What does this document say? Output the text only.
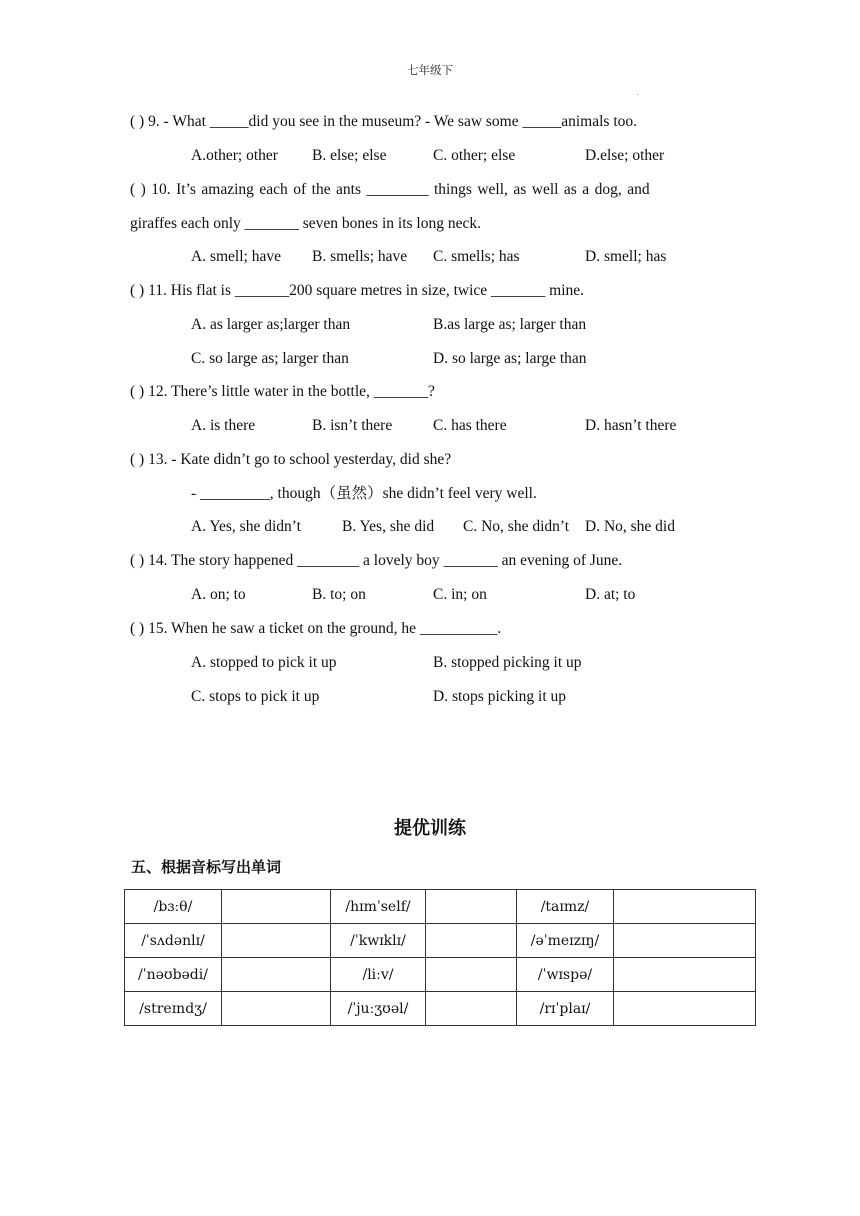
七年级下
.
( ) 9. - What _____did you see in the museum? - We saw some _____animals too.
A.other; other B. else; else	C. other; else	D.else; other
( ) 10. It’s amazing each of the ants ________ things well, as well as a dog, and
giraffes each only _______ seven bones in its long neck.
A. smell; have B. smells; have C. smells; has	D. smell; has
( ) 11. His flat is _______200 square metres in size, twice _______ mine.
A. as larger as;larger than	B.as large as; larger than
C. so large as; larger than	D. so large as; large than
( ) 12. There’s little water in the bottle, _______?
A. is there	B. isn’t there	C. has there	D. hasn’t there
( ) 13. - Kate didn’t go to school yesterday, did she?
- _________, though（虽然）she didn’t feel very well.
A. Yes, she didn’t	B. Yes, she did C. No, she didn’t D. No, she did
( ) 14. The story happened ________ a lovely boy _______ an evening of June.
A. on; to	B. to; on	C. in; on	D. at; to
( ) 15. When he saw a ticket on the ground, he __________.
A. stopped to pick it up	B. stopped picking it up
C. stops to pick it up	D. stops picking it up
提优训练
五、根据音标写出单词
/bɜːθ/		/hɪmˈself/		/taɪmz/	
/ˈsʌdənlɪ/		/ˈkwɪklɪ/		/əˈmeɪzɪŋ/	
/ˈnəʊbədi/		/liːv/		/ˈwɪspə/	
/streɪndʒ/		/ˈjuːʒʊəl/		/rɪˈplaɪ/	
